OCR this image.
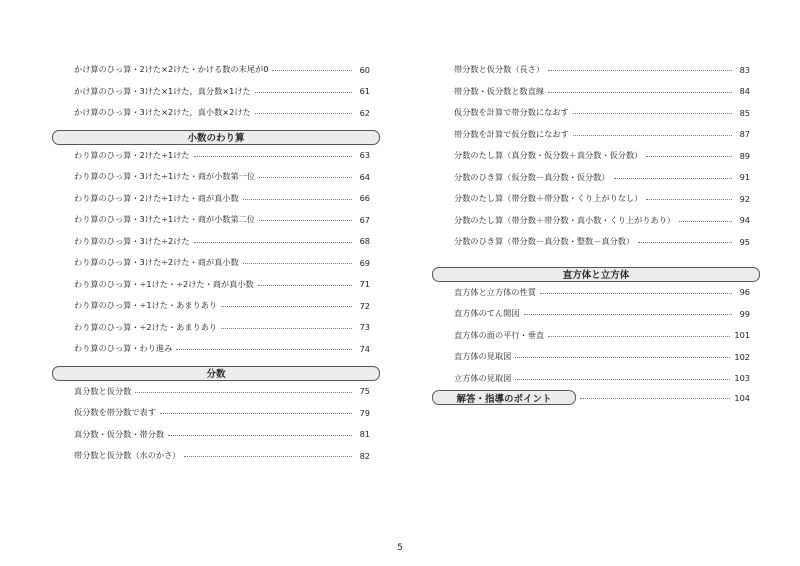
かけ算のひっ算・2けた×2けた・かける数の末尾が0	60
かけ算のひっ算・3けた×1けた，真分数×1けた	61
かけ算のひっ算・3けた×2けた，真小数×2けた	62
小数のわり算
わり算のひっ算・2けた÷1けた	63
わり算のひっ算・3けた÷1けた・商が小数第一位	64
わり算のひっ算・2けた÷1けた・商が真小数	66
わり算のひっ算・3けた÷1けた・商が小数第二位	67
わり算のひっ算・3けた÷2けた	68
わり算のひっ算・3けた÷2けた・商が真小数	69
わり算のひっ算・÷1けた・÷2けた・商が真小数	71
わり算のひっ算・÷1けた・あまりあり	72
わり算のひっ算・÷2けた・あまりあり	73
わり算のひっ算・わり進み	74
分数
真分数と仮分数	75
仮分数を帯分数で表す	79
真分数・仮分数・帯分数	81
帯分数と仮分数（水のかさ）	82
帯分数と仮分数（長さ）	83
帯分数・仮分数と数直線	84
仮分数を計算で帯分数になおす	85
帯分数を計算で仮分数になおす	87
分数のたし算（真分数・仮分数＋真分数・仮分数）	89
分数のひき算（仮分数－真分数・仮分数）	91
分数のたし算（帯分数＋帯分数・くり上がりなし）	92
分数のたし算（帯分数＋帯分数・真小数・くり上がりあり）	94
分数のひき算（帯分数－真分数・整数－真分数）	95
直方体と立方体
直方体と立方体の性質	96
直方体のてん開図	99
直方体の面の平行・垂直	101
直方体の見取図	102
立方体の見取図	103
解答・指導のポイント	104
5
